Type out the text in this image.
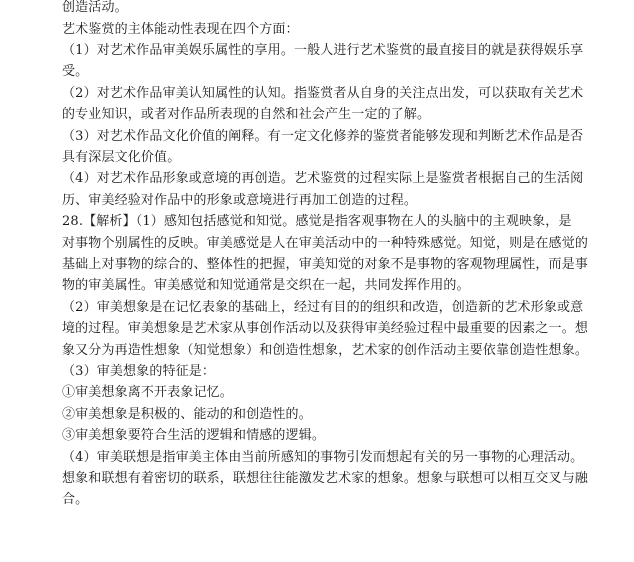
创造活动。
艺术鉴赏的主体能动性表现在四个方面：
（1）对艺术作品审美娱乐属性的享用。一般人进行艺术鉴赏的最直接目的就是获得娱乐享
受。
（2）对艺术作品审美认知属性的认知。指鉴赏者从自身的关注点出发，可以获取有关艺术
的专业知识，或者对作品所表现的自然和社会产生一定的了解。
（3）对艺术作品文化价值的阐释。有一定文化修养的鉴赏者能够发现和判断艺术作品是否
具有深层文化价值。
（4）对艺术作品形象或意境的再创造。艺术鉴赏的过程实际上是鉴赏者根据自己的生活阅
历、审美经验对作品中的形象或意境进行再加工创造的过程。
28.【解析】（1）感知包括感觉和知觉。感觉是指客观事物在人的头脑中的主观映象，是
对事物个别属性的反映。审美感觉是人在审美活动中的一种特殊感觉。知觉，则是在感觉的
基础上对事物的综合的、整体性的把握，审美知觉的对象不是事物的客观物理属性，而是事
物的审美属性。审美感觉和知觉通常是交织在一起，共同发挥作用的。
（2）审美想象是在记忆表象的基础上，经过有目的的组织和改造，创造新的艺术形象或意
境的过程。审美想象是艺术家从事创作活动以及获得审美经验过程中最重要的因素之一。想
象又分为再造性想象（知觉想象）和创造性想象，艺术家的创作活动主要依靠创造性想象。
（3）审美想象的特征是：
①审美想象离不开表象记忆。
②审美想象是积极的、能动的和创造性的。
③审美想象要符合生活的逻辑和情感的逻辑。
（4）审美联想是指审美主体由当前所感知的事物引发而想起有关的另一事物的心理活动。
想象和联想有着密切的联系，联想往往能激发艺术家的想象。想象与联想可以相互交叉与融
合。
